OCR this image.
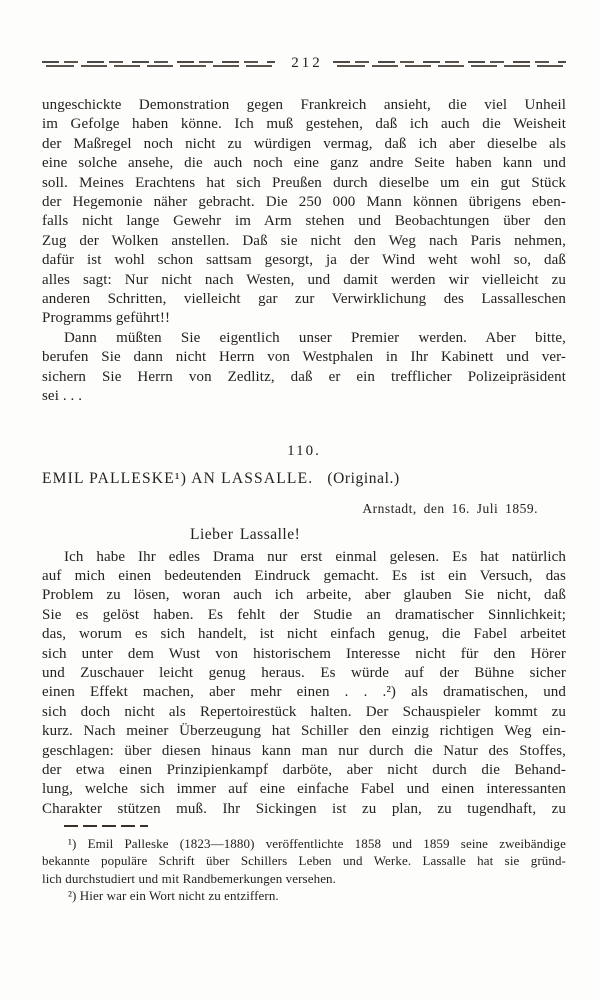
212
ungeschickte Demonstration gegen Frankreich ansieht, die viel Unheil
im Gefolge haben könne. Ich muß gestehen, daß ich auch die Weisheit
der Maßregel noch nicht zu würdigen vermag, daß ich aber dieselbe als
eine solche ansehe, die auch noch eine ganz andre Seite haben kann und
soll. Meines Erachtens hat sich Preußen durch dieselbe um ein gut Stück
der Hegemonie näher gebracht. Die 250 000 Mann können übrigens eben-
falls nicht lange Gewehr im Arm stehen und Beobachtungen über den
Zug der Wolken anstellen. Daß sie nicht den Weg nach Paris nehmen,
dafür ist wohl schon sattsam gesorgt, ja der Wind weht wohl so, daß
alles sagt: Nur nicht nach Westen, und damit werden wir vielleicht zu
anderen Schritten, vielleicht gar zur Verwirklichung des Lassalleschen
Programms geführt!!
Dann müßten Sie eigentlich unser Premier werden. Aber bitte,
berufen Sie dann nicht Herrn von Westphalen in Ihr Kabinett und ver-
sichern Sie Herrn von Zedlitz, daß er ein trefflicher Polizeipräsident
sei . . .
110.
EMIL PALLESKE¹) AN LASSALLE. (Original.)
Arnstadt, den 16. Juli 1859.
Lieber Lassalle!
Ich habe Ihr edles Drama nur erst einmal gelesen. Es hat natürlich
auf mich einen bedeutenden Eindruck gemacht. Es ist ein Versuch, das
Problem zu lösen, woran auch ich arbeite, aber glauben Sie nicht, daß
Sie es gelöst haben. Es fehlt der Studie an dramatischer Sinnlichkeit;
das, worum es sich handelt, ist nicht einfach genug, die Fabel arbeitet
sich unter dem Wust von historischem Interesse nicht für den Hörer
und Zuschauer leicht genug heraus. Es würde auf der Bühne sicher
einen Effekt machen, aber mehr einen . . .²) als dramatischen, und
sich doch nicht als Repertoirestück halten. Der Schauspieler kommt zu
kurz. Nach meiner Überzeugung hat Schiller den einzig richtigen Weg ein-
geschlagen: über diesen hinaus kann man nur durch die Natur des Stoffes,
der etwa einen Prinzipienkampf darböte, aber nicht durch die Behand-
lung, welche sich immer auf eine einfache Fabel und einen interessanten
Charakter stützen muß. Ihr Sickingen ist zu plan, zu tugendhaft, zu
¹) Emil Palleske (1823—1880) veröffentlichte 1858 und 1859 seine zweibändige
bekannte populäre Schrift über Schillers Leben und Werke. Lassalle hat sie gründ-
lich durchstudiert und mit Randbemerkungen versehen.
²) Hier war ein Wort nicht zu entziffern.
